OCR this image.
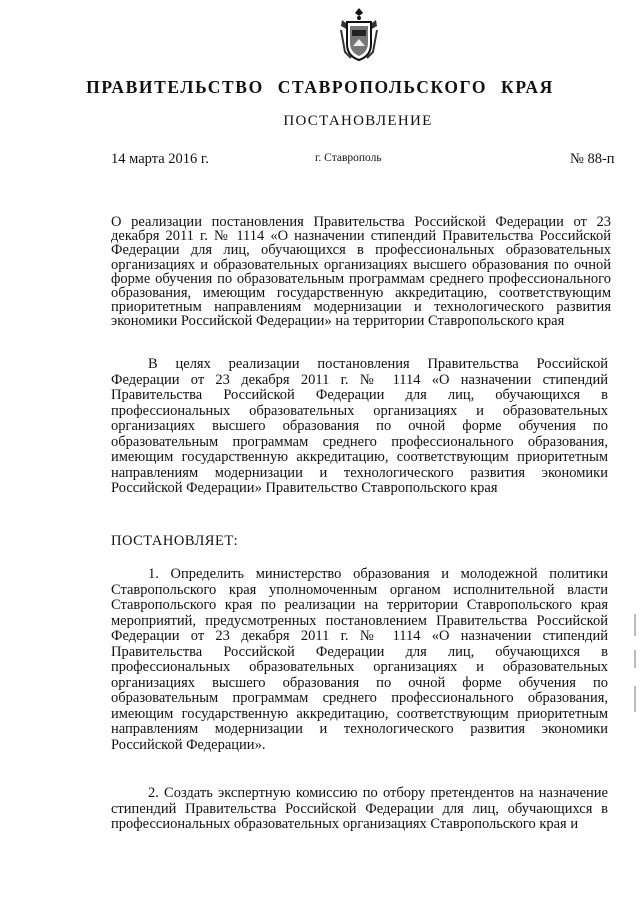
ПРАВИТЕЛЬСТВО СТАВРОПОЛЬСКОГО КРАЯ
ПОСТАНОВЛЕНИЕ
14 марта 2016 г.	г. Ставрополь	№ 88-п

О реализации постановления Правительства Российской Федерации от 23 декабря 2011 г. № 1114 «О назначении стипендий Правительства Российской Федерации для лиц, обучающихся в профессиональных образовательных организациях и образовательных организациях высшего образования по очной форме обучения по образовательным программам среднего профессионального образования, имеющим государственную аккредитацию, соответствующим приоритетным направлениям модернизации и технологического развития экономики Российской Федерации» на территории Ставропольского края

В целях реализации постановления Правительства Российской Федерации от 23 декабря 2011 г. № 1114 «О назначении стипендий Правительства Российской Федерации для лиц, обучающихся в профессиональных образовательных организациях и образовательных организациях высшего образования по очной форме обучения по образовательным программам среднего профессионального образования, имеющим государственную аккредитацию, соответствующим приоритетным направлениям модернизации и технологического развития экономики Российской Федерации» Правительство Ставропольского края

ПОСТАНОВЛЯЕТ:

1. Определить министерство образования и молодежной политики Ставропольского края уполномоченным органом исполнительной власти Ставропольского края по реализации на территории Ставропольского края мероприятий, предусмотренных постановлением Правительства Российской Федерации от 23 декабря 2011 г. № 1114 «О назначении стипендий Правительства Российской Федерации для лиц, обучающихся в профессиональных образовательных организациях и образовательных организациях высшего образования по очной форме обучения по образовательным программам среднего профессионального образования, имеющим государственную аккредитацию, соответствующим приоритетным направлениям модернизации и технологического развития экономики Российской Федерации».

2. Создать экспертную комиссию по отбору претендентов на назначение стипендий Правительства Российской Федерации для лиц, обучающихся в профессиональных образовательных организациях Ставропольского края и
